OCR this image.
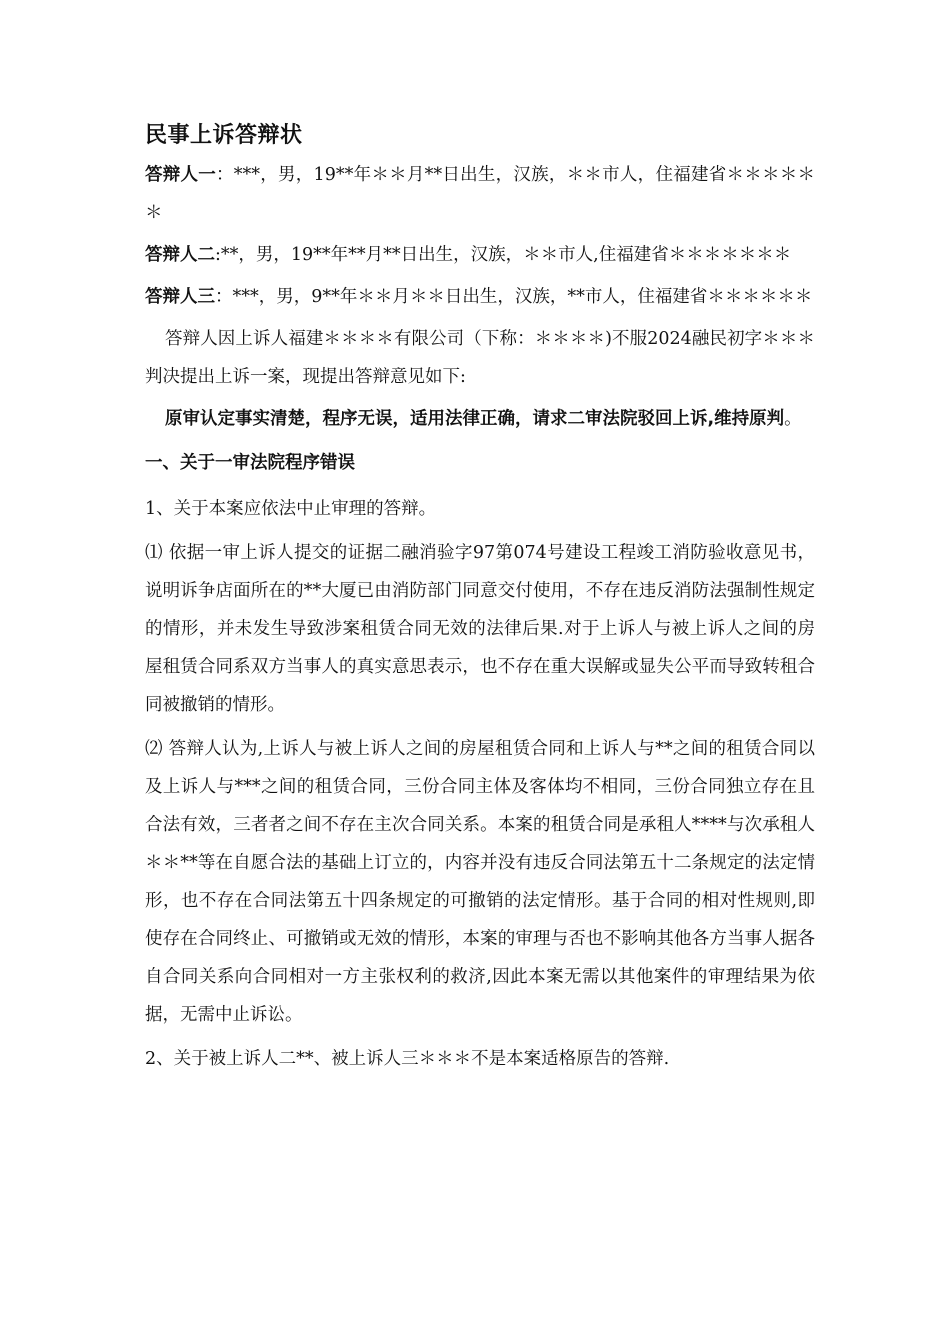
民事上诉答辩状
答辩人一：***，男，19**年＊＊月**日出生，汉族，＊＊市人，住福建省＊＊＊＊＊＊
答辩人二:**，男，19**年**月**日出生，汉族，＊＊市人,住福建省＊＊＊＊＊＊＊
答辩人三：***，男，9**年＊＊月＊＊日出生，汉族，**市人，住福建省＊＊＊＊＊＊
答辩人因上诉人福建＊＊＊＊有限公司（下称：＊＊＊＊)不服2024融民初字＊＊＊判决提出上诉一案，现提出答辩意见如下:
原审认定事实清楚，程序无误，适用法律正确，请求二审法院驳回上诉,维持原判。
一、关于一审法院程序错误
1、关于本案应依法中止审理的答辩。
⑴ 依据一审上诉人提交的证据二融消验字97第074号建设工程竣工消防验收意见书，说明诉争店面所在的**大厦已由消防部门同意交付使用，不存在违反消防法强制性规定的情形，并未发生导致涉案租赁合同无效的法律后果.对于上诉人与被上诉人之间的房屋租赁合同系双方当事人的真实意思表示，也不存在重大误解或显失公平而导致转租合同被撤销的情形。
⑵ 答辩人认为,上诉人与被上诉人之间的房屋租赁合同和上诉人与**之间的租赁合同以及上诉人与***之间的租赁合同，三份合同主体及客体均不相同，三份合同独立存在且合法有效，三者者之间不存在主次合同关系。本案的租赁合同是承租人****与次承租人＊＊**等在自愿合法的基础上订立的，内容并没有违反合同法第五十二条规定的法定情形，也不存在合同法第五十四条规定的可撤销的法定情形。基于合同的相对性规则,即使存在合同终止、可撤销或无效的情形，本案的审理与否也不影响其他各方当事人据各自合同关系向合同相对一方主张权利的救济,因此本案无需以其他案件的审理结果为依据，无需中止诉讼。
2、关于被上诉人二**、被上诉人三＊＊＊不是本案适格原告的答辩.
